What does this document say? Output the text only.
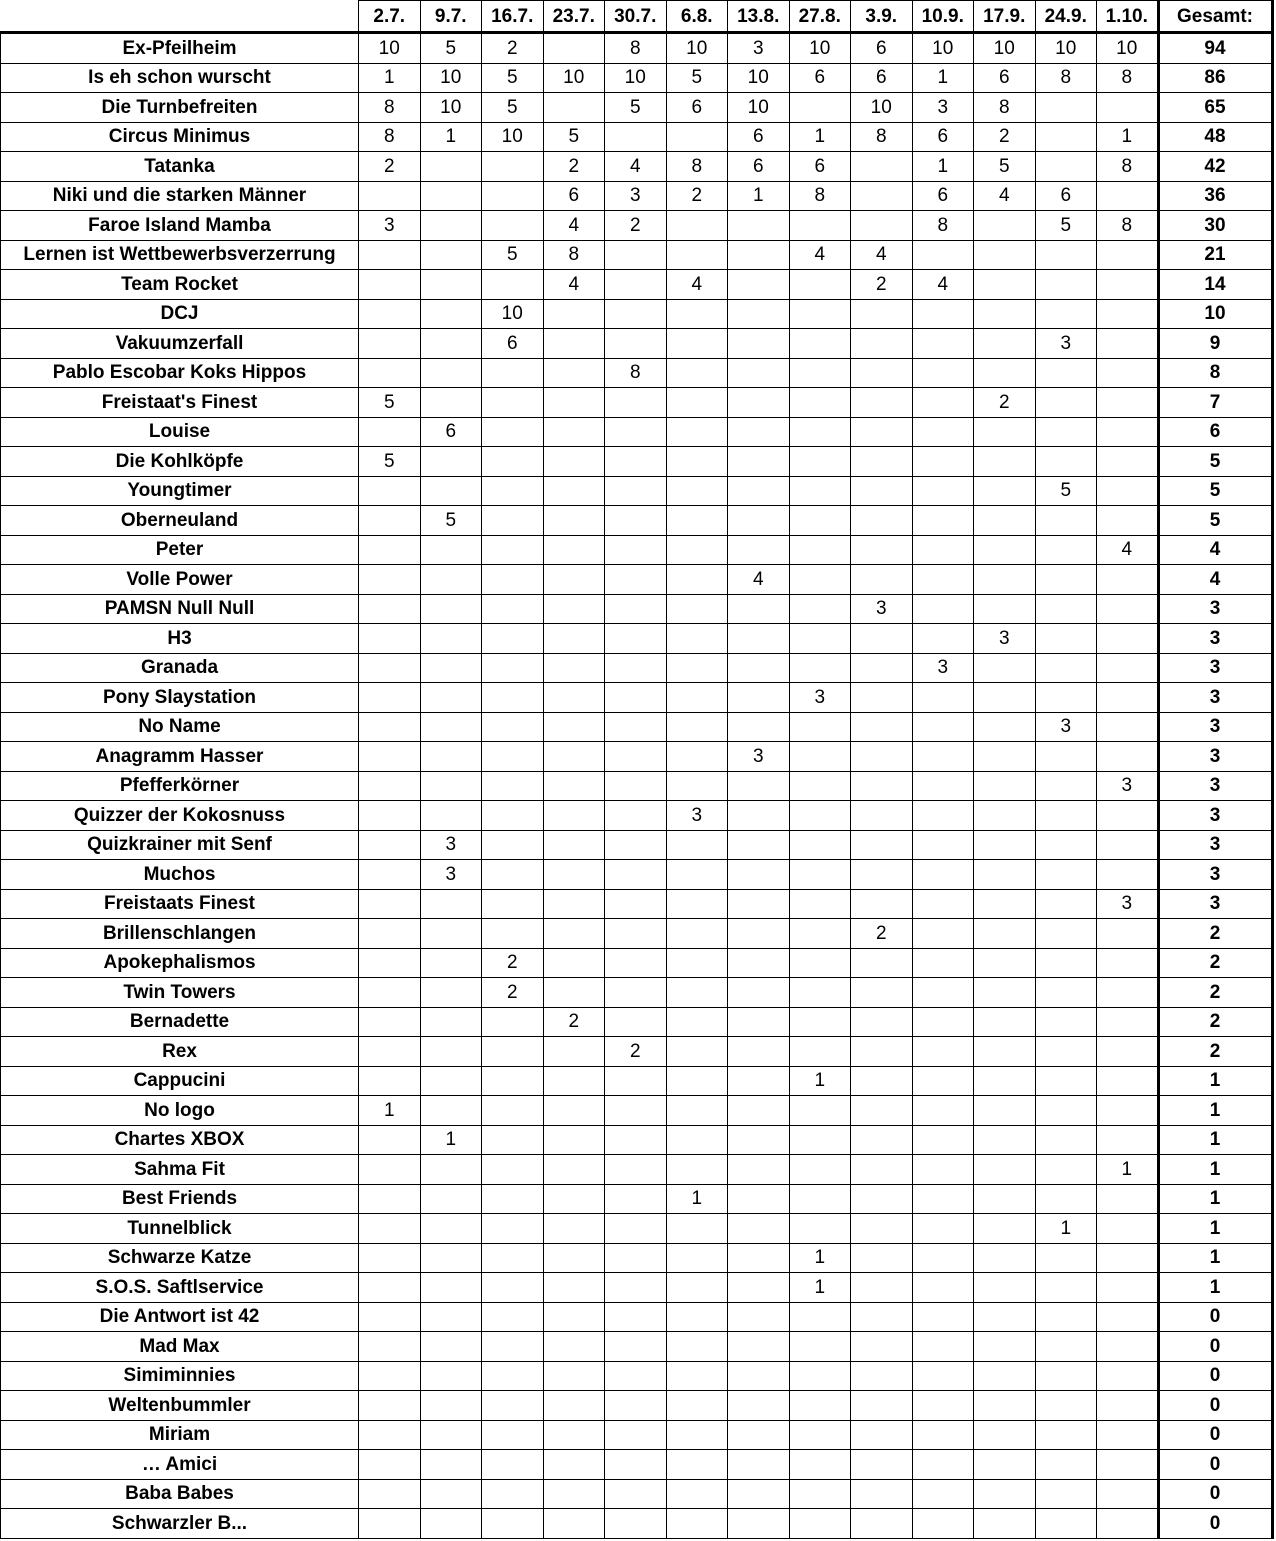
	2.7.	9.7.	16.7.	23.7.	30.7.	6.8.	13.8.	27.8.	3.9.	10.9.	17.9.	24.9.	1.10.	Gesamt:
Ex-Pfeilheim	10	5	2		8	10	3	10	6	10	10	10	10	94
Is eh schon wurscht	1	10	5	10	10	5	10	6	6	1	6	8	8	86
Die Turnbefreiten	8	10	5		5	6	10		10	3	8			65
Circus Minimus	8	1	10	5			6	1	8	6	2		1	48
Tatanka	2			2	4	8	6	6		1	5		8	42
Niki und die starken Männer				6	3	2	1	8		6	4	6		36
Faroe Island Mamba	3			4	2					8		5	8	30
Lernen ist Wettbewerbsverzerrung			5	8				4	4					21
Team Rocket				4		4			2	4				14
DCJ			10											10
Vakuumzerfall			6									3		9
Pablo Escobar Koks Hippos					8									8
Freistaat's Finest	5										2			7
Louise		6												6
Die Kohlköpfe	5													5
Youngtimer												5		5
Oberneuland		5												5
Peter													4	4
Volle Power							4							4
PAMSN Null Null									3					3
H3											3			3
Granada										3				3
Pony Slaystation								3						3
No Name												3		3
Anagramm Hasser							3							3
Pfefferkörner													3	3
Quizzer der Kokosnuss						3								3
Quizkrainer mit Senf		3												3
Muchos		3												3
Freistaats Finest													3	3
Brillenschlangen									2					2
Apokephalismos			2											2
Twin Towers			2											2
Bernadette				2										2
Rex					2									2
Cappucini								1						1
No logo	1													1
Chartes XBOX		1												1
Sahma Fit													1	1
Best Friends						1								1
Tunnelblick												1		1
Schwarze Katze								1						1
S.O.S. Saftlservice								1						1
Die Antwort ist 42														0
Mad Max														0
Simiminnies														0
Weltenbummler														0
Miriam														0
… Amici														0
Baba Babes														0
Schwarzler B...														0
